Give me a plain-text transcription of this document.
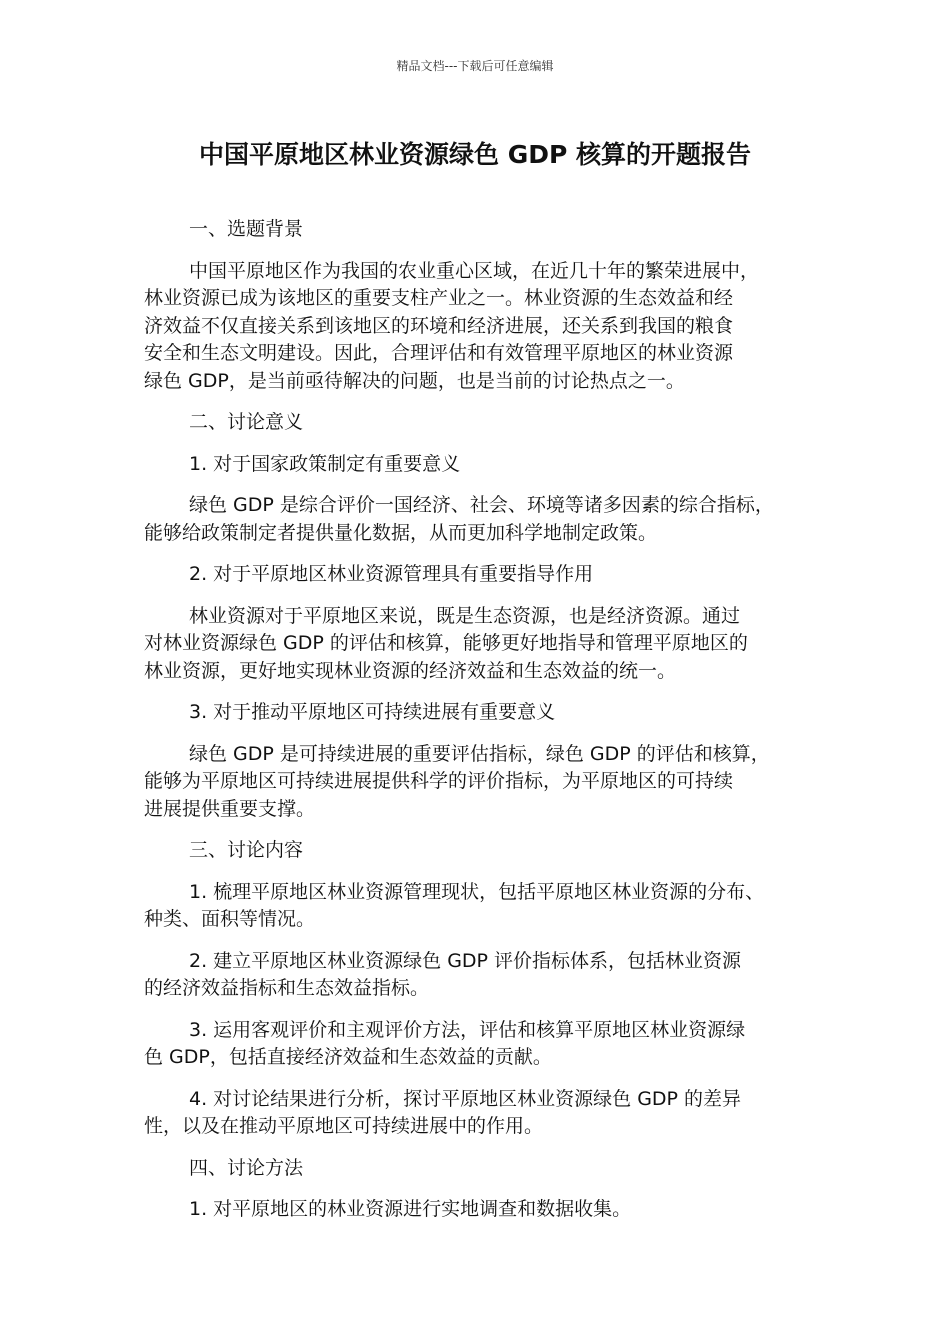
精品文档---下载后可任意编辑
中国平原地区林业资源绿色 GDP 核算的开题报告

一、选题背景

中国平原地区作为我国的农业重心区域，在近几十年的繁荣进展中，
林业资源已成为该地区的重要支柱产业之一。林业资源的生态效益和经
济效益不仅直接关系到该地区的环境和经济进展，还关系到我国的粮食
安全和生态文明建设。因此，合理评估和有效管理平原地区的林业资源
绿色 GDP，是当前亟待解决的问题，也是当前的讨论热点之一。

二、讨论意义

1. 对于国家政策制定有重要意义

绿色 GDP 是综合评价一国经济、社会、环境等诸多因素的综合指标，
能够给政策制定者提供量化数据，从而更加科学地制定政策。

2. 对于平原地区林业资源管理具有重要指导作用

林业资源对于平原地区来说，既是生态资源，也是经济资源。通过
对林业资源绿色 GDP 的评估和核算，能够更好地指导和管理平原地区的
林业资源，更好地实现林业资源的经济效益和生态效益的统一。

3. 对于推动平原地区可持续进展有重要意义

绿色 GDP 是可持续进展的重要评估指标，绿色 GDP 的评估和核算，
能够为平原地区可持续进展提供科学的评价指标，为平原地区的可持续
进展提供重要支撑。

三、讨论内容

1. 梳理平原地区林业资源管理现状，包括平原地区林业资源的分布、
种类、面积等情况。

2. 建立平原地区林业资源绿色 GDP 评价指标体系，包括林业资源
的经济效益指标和生态效益指标。

3. 运用客观评价和主观评价方法，评估和核算平原地区林业资源绿
色 GDP，包括直接经济效益和生态效益的贡献。

4. 对讨论结果进行分析，探讨平原地区林业资源绿色 GDP 的差异
性，以及在推动平原地区可持续进展中的作用。

四、讨论方法

1. 对平原地区的林业资源进行实地调查和数据收集。
